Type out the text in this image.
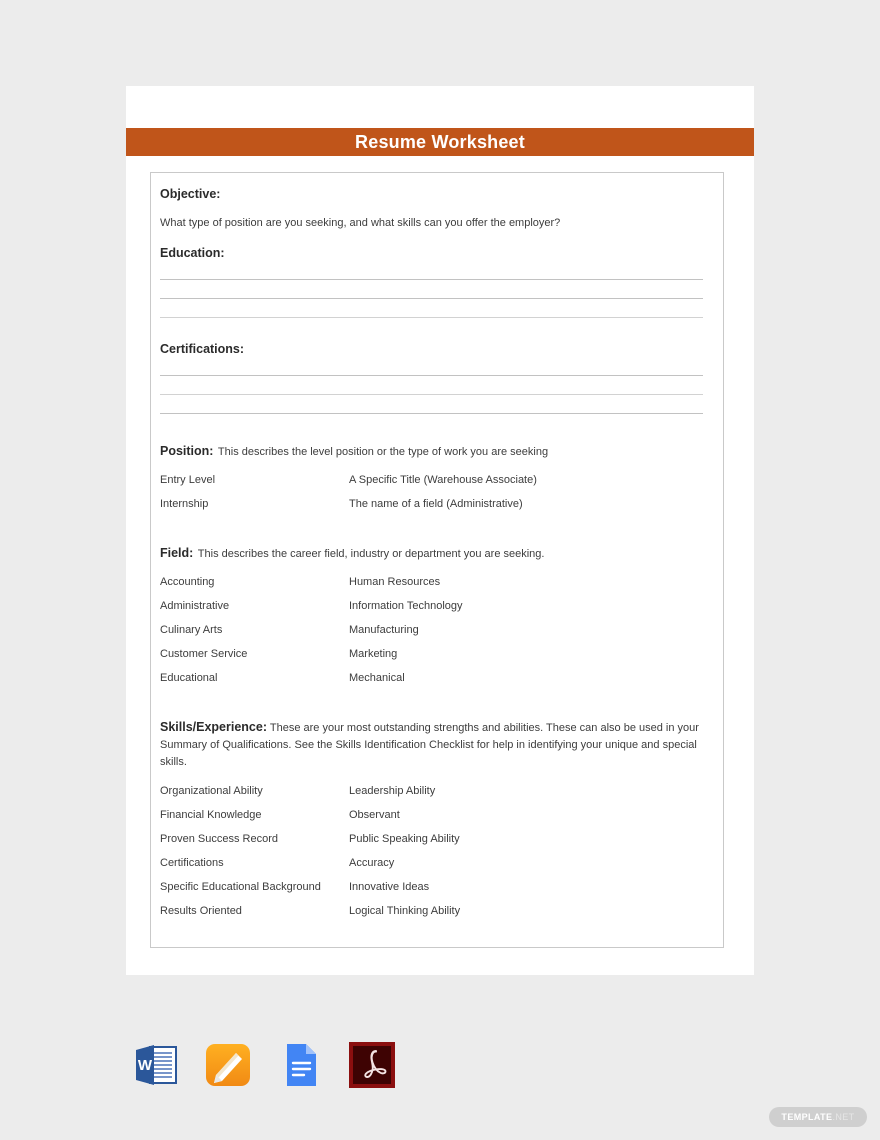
Resume Worksheet
Objective:
What type of position are you seeking, and what skills can you offer the employer?
Education:
Certifications:
Position: This describes the level position or the type of work you are seeking
Entry Level	A Specific Title (Warehouse Associate)
Internship	The name of a field (Administrative)
Field: This describes the career field, industry or department you are seeking.
Accounting	Human Resources
Administrative	Information Technology
Culinary Arts	Manufacturing
Customer Service	Marketing
Educational	Mechanical
Skills/Experience: These are your most outstanding strengths and abilities. These can also be used in your Summary of Qualifications. See the Skills Identification Checklist for help in identifying your unique and special skills.
Organizational Ability	Leadership Ability
Financial Knowledge	Observant
Proven Success Record	Public Speaking Ability
Certifications	Accuracy
Specific Educational Background	Innovative Ideas
Results Oriented	Logical Thinking Ability
W
TEMPLATE .NET
